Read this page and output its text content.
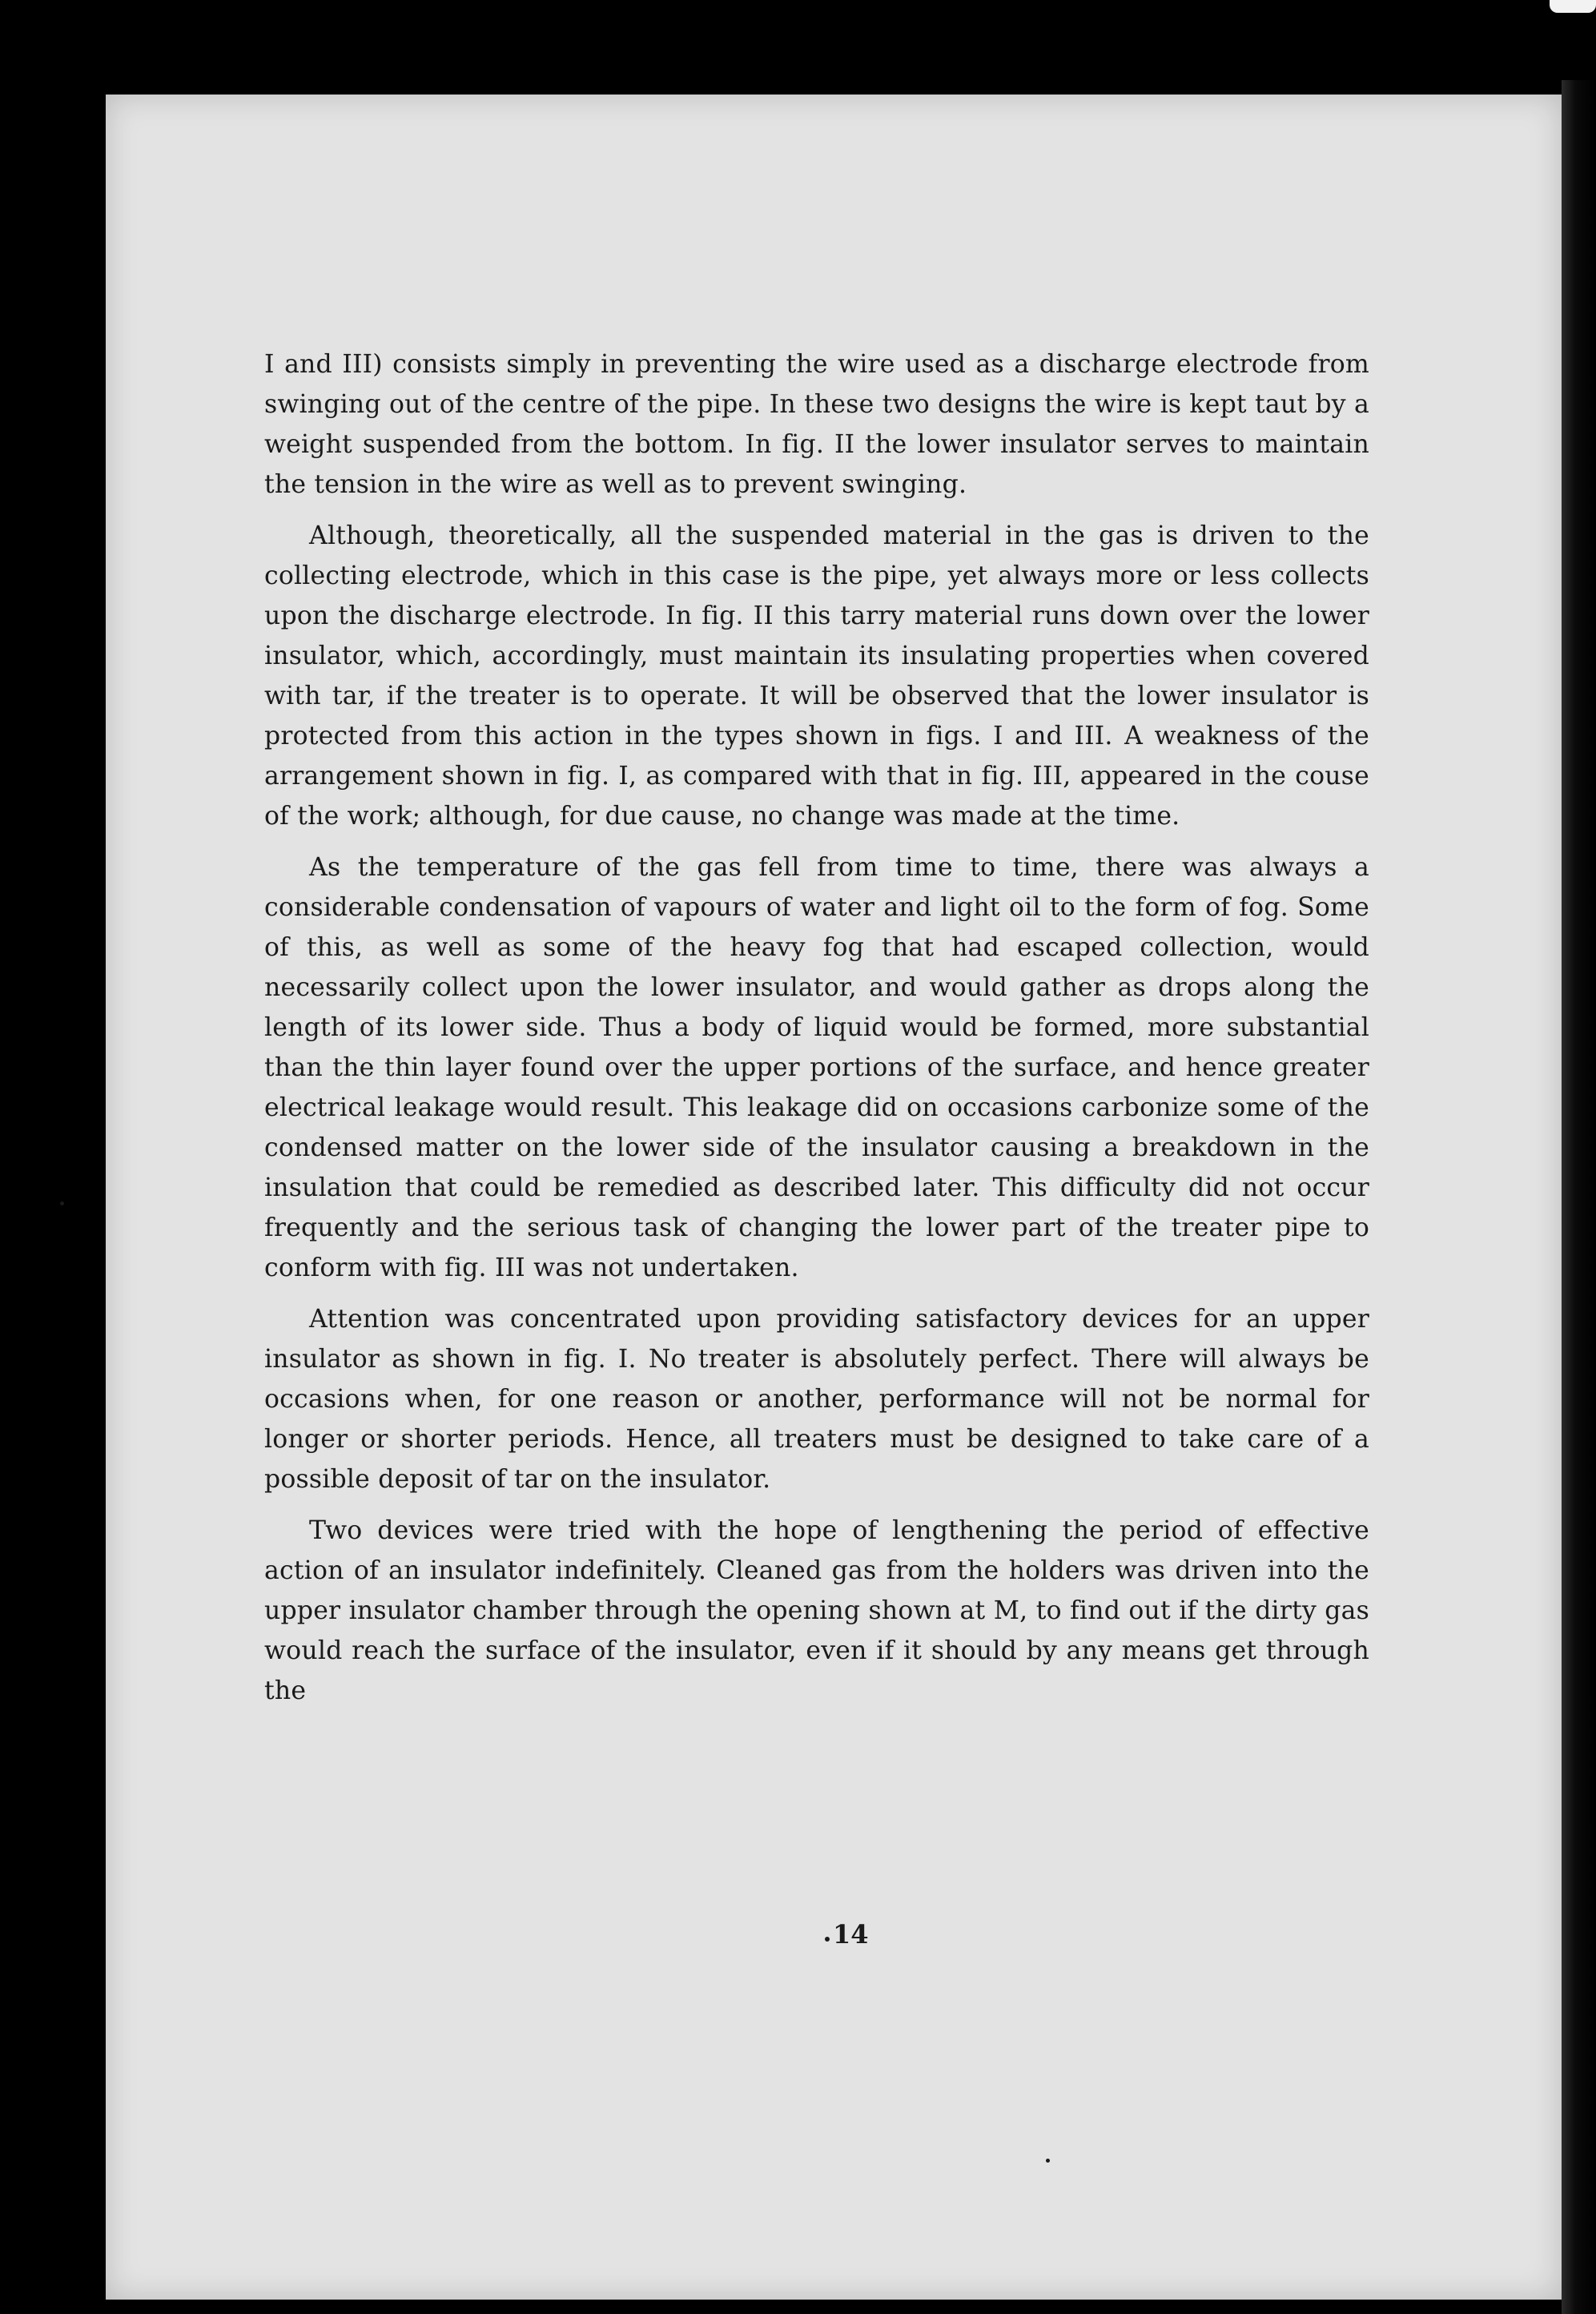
I and III) consists simply in preventing the wire used as a discharge electrode from swinging out of the centre of the pipe. In these two designs the wire is kept taut by a weight suspended from the bottom. In fig. II the lower insulator serves to maintain the tension in the wire as well as to prevent swinging.

Although, theoretically, all the suspended material in the gas is driven to the collecting electrode, which in this case is the pipe, yet always more or less collects upon the discharge electrode. In fig. II this tarry material runs down over the lower insulator, which, accordingly, must maintain its insulating properties when covered with tar, if the treater is to operate. It will be observed that the lower insulator is protected from this action in the types shown in figs. I and III. A weakness of the arrangement shown in fig. I, as compared with that in fig. III, appeared in the couse of the work; although, for due cause, no change was made at the time.

As the temperature of the gas fell from time to time, there was always a considerable condensation of vapours of water and light oil to the form of fog. Some of this, as well as some of the heavy fog that had escaped collection, would necessarily collect upon the lower insulator, and would gather as drops along the length of its lower side. Thus a body of liquid would be formed, more substantial than the thin layer found over the upper portions of the surface, and hence greater electrical leakage would result. This leakage did on occasions carbonize some of the condensed matter on the lower side of the insulator causing a breakdown in the insulation that could be remedied as described later. This difficulty did not occur frequently and the serious task of changing the lower part of the treater pipe to conform with fig. III was not undertaken.

Attention was concentrated upon providing satisfactory devices for an upper insulator as shown in fig. I. No treater is absolutely perfect. There will always be occasions when, for one reason or another, performance will not be normal for longer or shorter periods. Hence, all treaters must be designed to take care of a possible deposit of tar on the insulator.

Two devices were tried with the hope of lengthening the period of effective action of an insulator indefinitely. Cleaned gas from the holders was driven into the upper insulator chamber through the opening shown at M, to find out if the dirty gas would reach the surface of the insulator, even if it should by any means get through the

14
